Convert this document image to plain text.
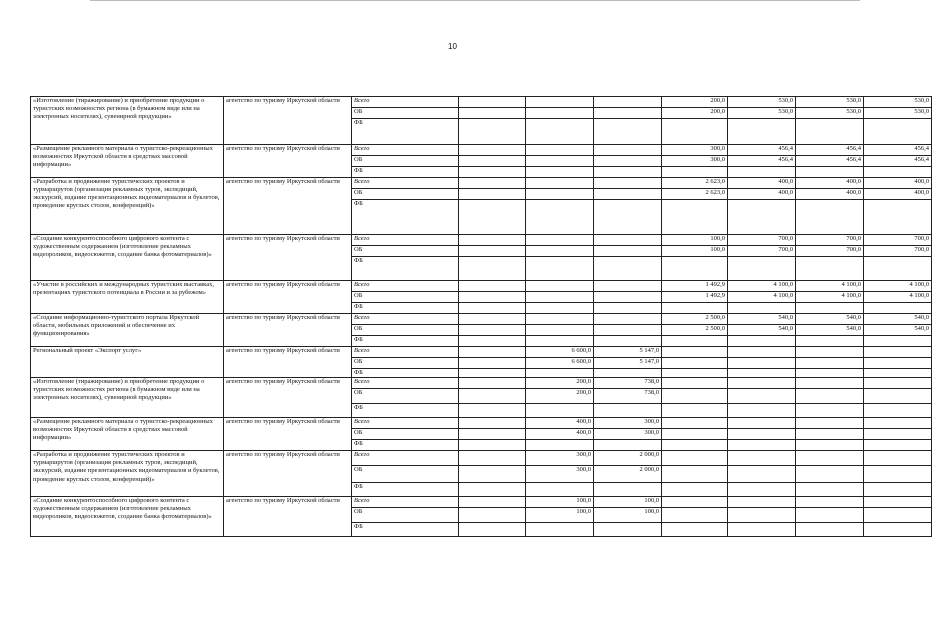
10
«Изготовление (тиражирование) и приобретение продукции о туристских возможностях региона (в бумажном виде или на электронных носителях), сувенирной продукции»	агентство по туризму Иркутской области	Всего				200,0	530,0	530,0	530,0
		ОБ				200,0	530,0	530,0	530,0
		ФБ							
«Размещение рекламного материала о туристско-рекреационных возможностях Иркутской области в средствах массовой информации»	агентство по туризму Иркутской области	Всего				300,0	456,4	456,4	456,4
		ОБ				300,0	456,4	456,4	456,4
		ФБ							
«Разработка и продвижение туристических проектов и турмаршрутов (организация рекламных туров, экспедиций, экскурсий, издание презентационных видеоматериалов и буклетов, проведение круглых столов, конференций)»	агентство по туризму Иркутской области	Всего				2 623,0	400,0	400,0	400,0
		ОБ				2 623,0	400,0	400,0	400,0
		ФБ							
«Создание конкурентоспособного цифрового контента с художественным содержанием (изготовление рекламных видеороликов, видеосюжетов, создание банка фотоматериалов)»	агентство по туризму Иркутской области	Всего				100,0	700,0	700,0	700,0
		ОБ				100,0	700,0	700,0	700,0
		ФБ							
«Участие в российских и международных туристских выставках, презентациях туристского потенциала в России и за рубежом»	агентство по туризму Иркутской области	Всего				1 492,9	4 100,0	4 100,0	4 100,0
		ОБ				1 492,9	4 100,0	4 100,0	4 100,0
		ФБ							
«Создание информационно-туристского портала Иркутской области, мобильных приложений и обеспечение их функционирования»	агентство по туризму Иркутской области	Всего				2 500,0	540,0	540,0	540,0
		ОБ				2 500,0	540,0	540,0	540,0
		ФБ							
Региональный проект «Экспорт услуг»	агентство по туризму Иркутской области	Всего		6 600,0	5 147,0				
		ОБ		6 600,0	5 147,0				
		ФБ							
«Изготовление (тиражирование) и приобретение продукции о туристских возможностях региона (в бумажном виде или на электронных носителях), сувенирной продукции»	агентство по туризму Иркутской области	Всего		200,0	738,0				
		ОБ		200,0	738,0				
		ФБ							
«Размещение рекламного материала о туристско-рекреационных возможностях Иркутской области в средствах массовой информации»	агентство по туризму Иркутской области	Всего		400,0	300,0				
		ОБ		400,0	300,0				
		ФБ							
«Разработка и продвижение туристических проектов и турмаршрутов (организация рекламных туров, экспедиций, экскурсий, издание презентационных видеоматериалов и буклетов, проведение круглых столов, конференций)»	агентство по туризму Иркутской области	Всего		300,0	2 000,0				
		ОБ		300,0	2 000,0				
		ФБ							
«Создание конкурентоспособного цифрового контента с художественным содержанием (изготовление рекламных видеороликов, видеосюжетов, создание банка фотоматериалов)»	агентство по туризму Иркутской области	Всего		100,0	100,0				
		ОБ		100,0	100,0				
		ФБ							
